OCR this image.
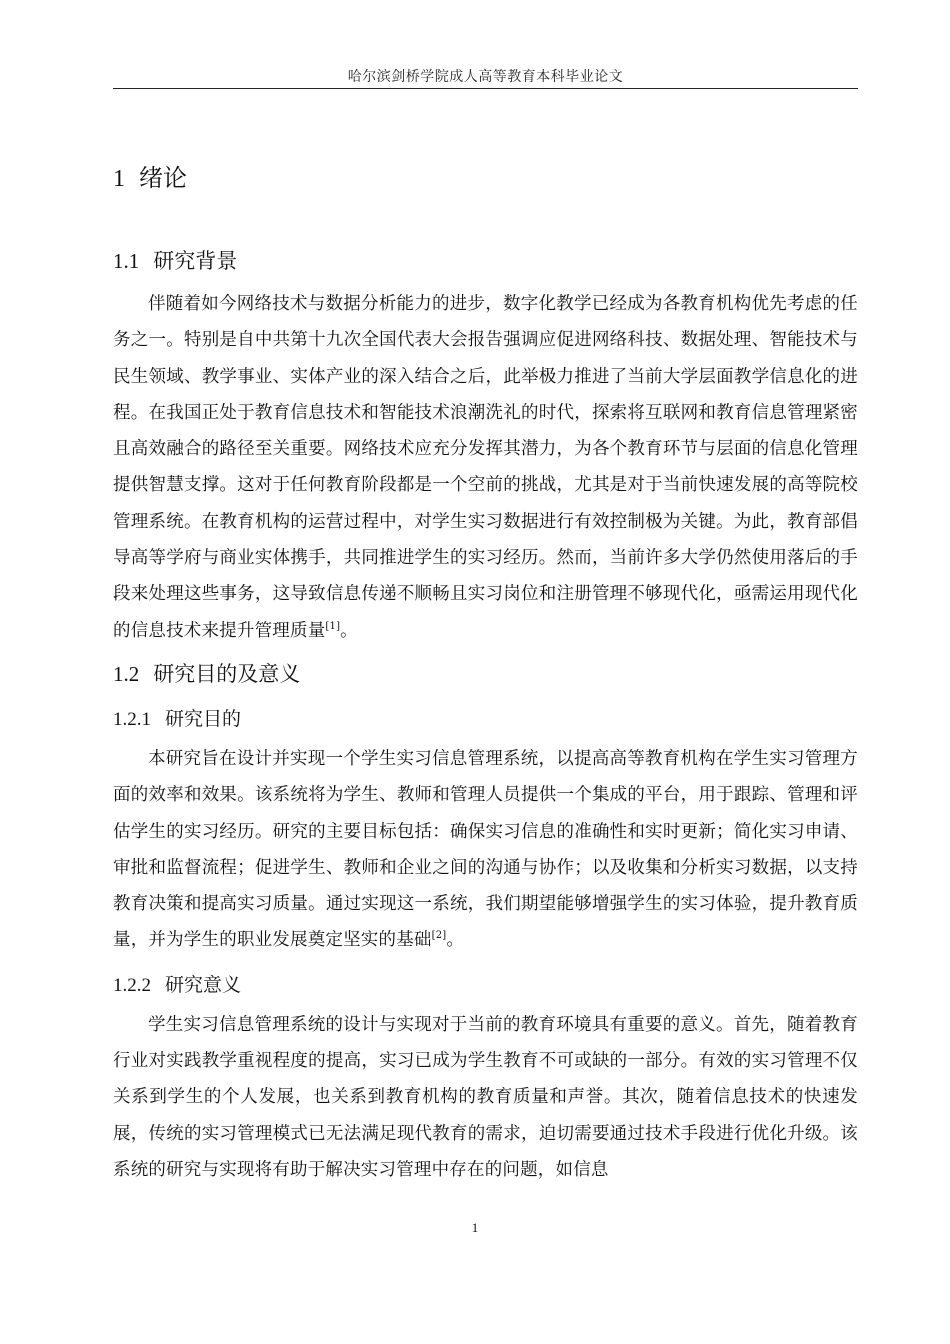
哈尔滨剑桥学院成人高等教育本科毕业论文
1 绪论
1.1 研究背景

伴随着如今网络技术与数据分析能力的进步，数字化教学已经成为各教育机构优先考虑的任务之一。特别是自中共第十九次全国代表大会报告强调应促进网络科技、数据处理、智能技术与民生领域、教学事业、实体产业的深入结合之后，此举极力推进了当前大学层面教学信息化的进程。在我国正处于教育信息技术和智能技术浪潮洗礼的时代，探索将互联网和教育信息管理紧密且高效融合的路径至关重要。网络技术应充分发挥其潜力，为各个教育环节与层面的信息化管理提供智慧支撑。这对于任何教育阶段都是一个空前的挑战，尤其是对于当前快速发展的高等院校管理系统。在教育机构的运营过程中，对学生实习数据进行有效控制极为关键。为此，教育部倡导高等学府与商业实体携手，共同推进学生的实习经历。然而，当前许多大学仍然使用落后的手段来处理这些事务，这导致信息传递不顺畅且实习岗位和注册管理不够现代化，亟需运用现代化的信息技术来提升管理质量[1]。

1.2 研究目的及意义
1.2.1 研究目的

本研究旨在设计并实现一个学生实习信息管理系统，以提高高等教育机构在学生实习管理方面的效率和效果。该系统将为学生、教师和管理人员提供一个集成的平台，用于跟踪、管理和评估学生的实习经历。研究的主要目标包括：确保实习信息的准确性和实时更新；简化实习申请、审批和监督流程；促进学生、教师和企业之间的沟通与协作；以及收集和分析实习数据，以支持教育决策和提高实习质量。通过实现这一系统，我们期望能够增强学生的实习体验，提升教育质量，并为学生的职业发展奠定坚实的基础[2]。

1.2.2 研究意义

学生实习信息管理系统的设计与实现对于当前的教育环境具有重要的意义。首先，随着教育行业对实践教学重视程度的提高，实习已成为学生教育不可或缺的一部分。有效的实习管理不仅关系到学生的个人发展，也关系到教育机构的教育质量和声誉。其次，随着信息技术的快速发展，传统的实习管理模式已无法满足现代教育的需求，迫切需要通过技术手段进行优化升级。该系统的研究与实现将有助于解决实习管理中存在的问题，如信息

1
